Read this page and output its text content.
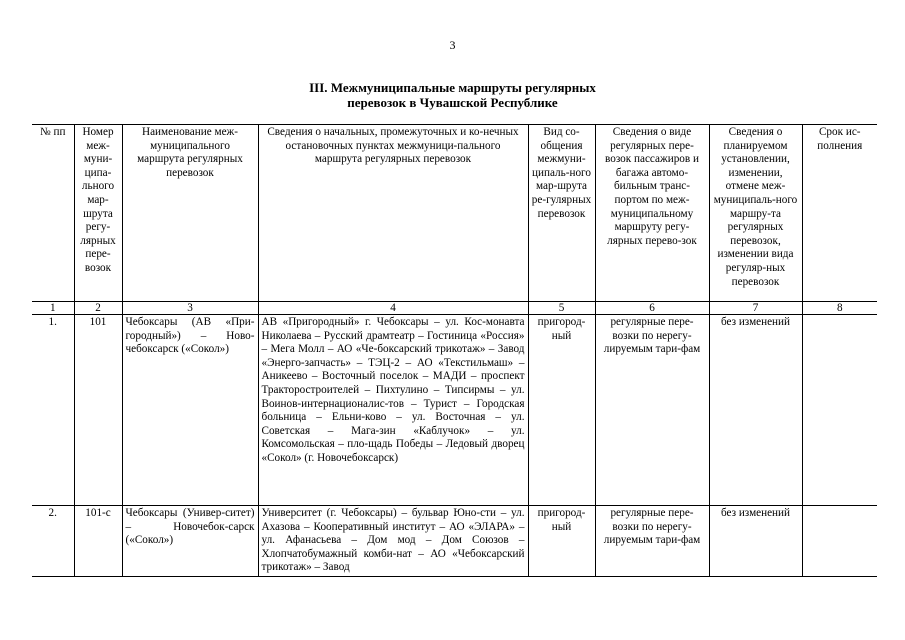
3
III. Межмуниципальные маршруты регулярных
перевозок в Чувашской Республике
№ пп	Номер меж-муни-ципа-льного мар-шрута регу-лярных пере-возок	Наименование меж-муниципального маршрута регулярных перевозок	Сведения о начальных, промежуточных и ко-нечных остановочных пунктах межмуници-пального маршрута регулярных перевозок	Вид со-общения межмуни-ципаль-ного мар-шрута ре-гулярных перевозок	Сведения о виде регулярных пере-возок пассажиров и багажа автомо-бильным транс-портом по меж-муниципальному маршруту регу-лярных перево-зок	Сведения о планируемом установлении, изменении, отмене меж-муниципаль-ного маршру-та регулярных перевозок, изменении вида регуляр-ных перевозок	Срок ис-полнения
1	2	3	4	5	6	7	8
1.	101	Чебоксары (АВ «При-городный») – Ново-чебоксарск («Сокол»)	АВ «Пригородный» г. Чебоксары – ул. Кос-монавта Николаева – Русский драмтеатр – Гостиница «Россия» – Мега Молл – АО «Че-боксарский трикотаж» – Завод «Энерго-запчасть» – ТЭЦ-2 – АО «Текстильмаш» – Аникеево – Восточный поселок – МАДИ – проспект Тракторостроителей – Пихтулино – Типсирмы – ул. Воинов-интернационалис-тов – Турист – Городская больница – Ельни-ково – ул. Восточная – ул. Советская – Мага-зин «Каблучок» – ул. Комсомольская – пло-щадь Победы – Ледовый дворец «Сокол» (г. Новочебоксарск)	пригород-ный	регулярные пере-возки по нерегу-лируемым тари-фам	без изменений	
2.	101-с	Чебоксары (Универ-ситет) – Новочебок-сарск («Сокол»)	Университет (г. Чебоксары) – бульвар Юно-сти – ул. Ахазова – Кооперативный институт – АО «ЭЛАРА» – ул. Афанасьева – Дом мод – Дом Союзов – Хлопчатобумажный комби-нат – АО «Чебоксарский трикотаж» – Завод	пригород-ный	регулярные пере-возки по нерегу-лируемым тари-фам	без изменений	
